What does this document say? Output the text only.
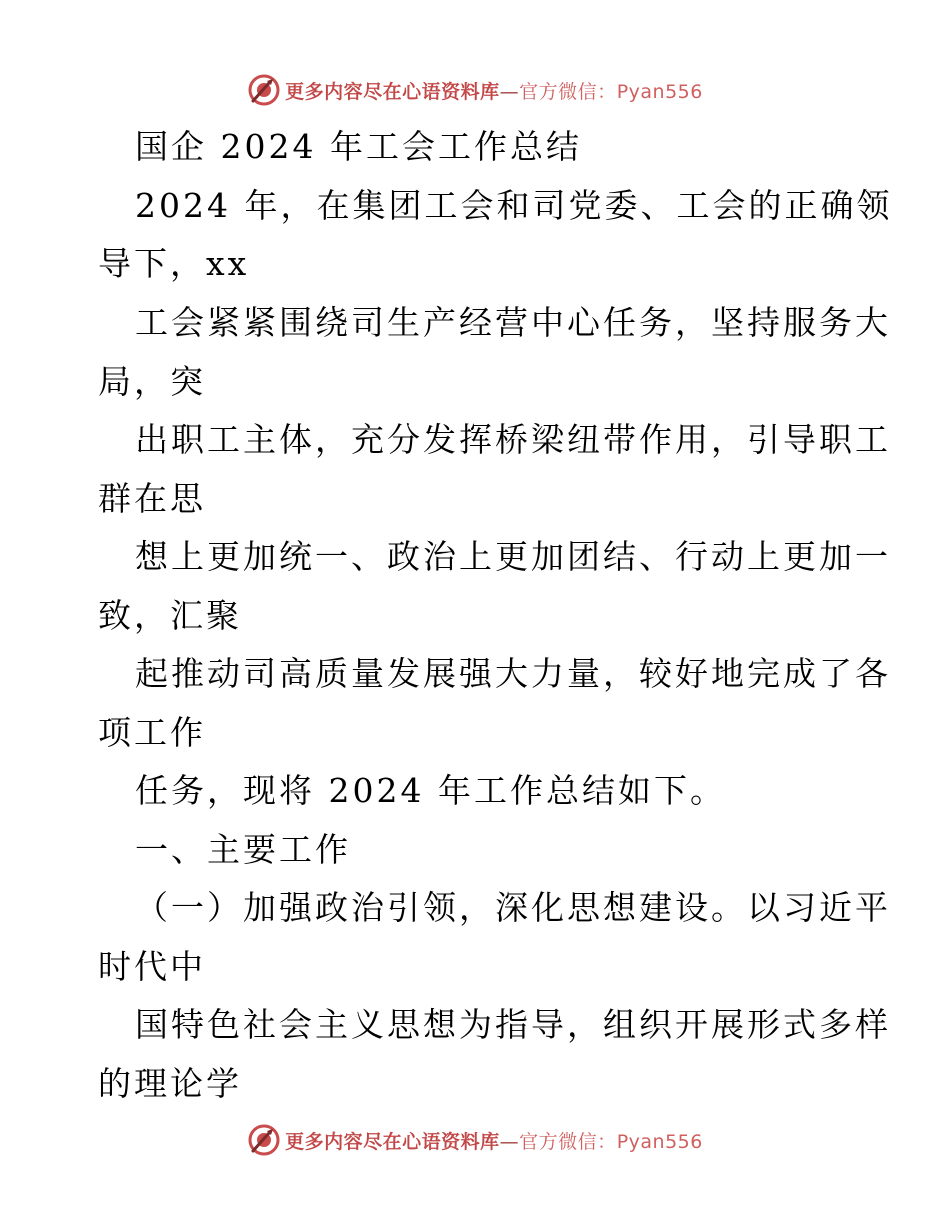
更多内容尽在心语资料库—官方微信：Pyan556
国企 2024 年工会工作总结
2024 年，在集团工会和司党委、工会的正确领
导下，xx
工会紧紧围绕司生产经营中心任务，坚持服务大
局，突
出职工主体，充分发挥桥梁纽带作用，引导职工
群在思
想上更加统一、政治上更加团结、行动上更加一
致，汇聚
起推动司高质量发展强大力量，较好地完成了各
项工作
任务，现将 2024 年工作总结如下。
一、主要工作
（一）加强政治引领，深化思想建设。以习近平
时代中
国特色社会主义思想为指导，组织开展形式多样
的理论学
更多内容尽在心语资料库—官方微信：Pyan556
